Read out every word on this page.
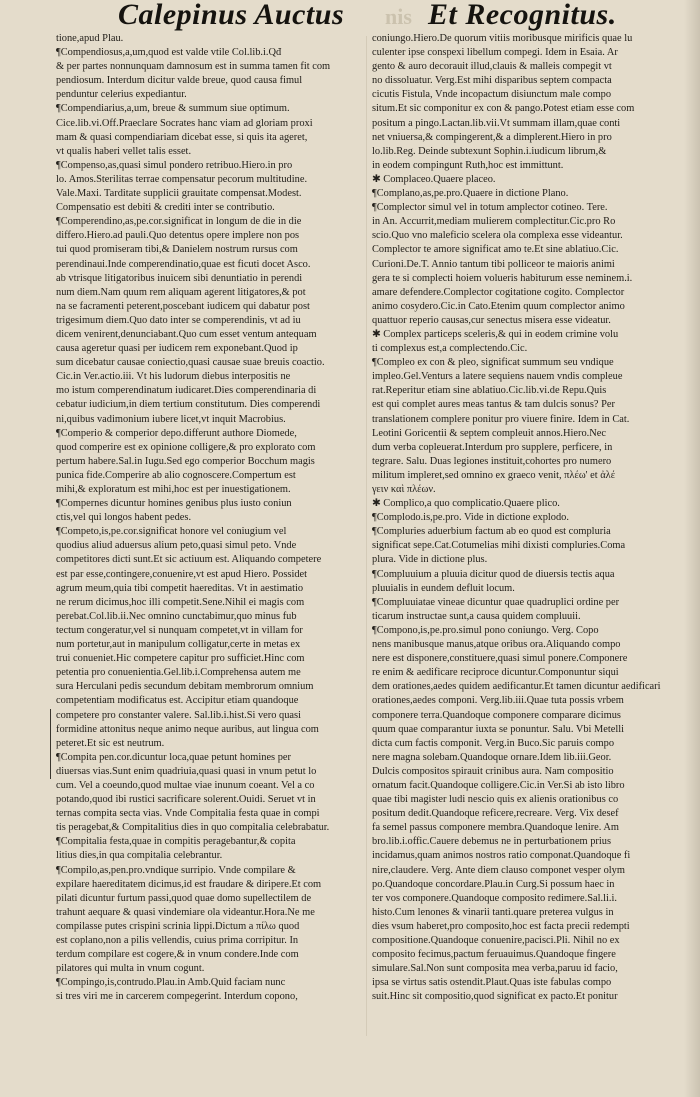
nis
Calepinus Auctus	Et Recognitus.
tione,apud Plau.
¶Compendiosus,a,um,quod est valde vtile Col.lib.i.Qđ
& per partes nonnunquam damnosum est in summa tamen fit com
pendiosum. Interdum dicitur valde breue, quod causa fimul
penduntur celerius expediantur.
¶Compendiarius,a,um, breue & summum siue optimum.
Cice.lib.vi.Off.Praeclare Socrates hanc viam ad gloriam proxi
mam & quasi compendiariam dicebat esse, si quis ita ageret,
vt qualis haberi vellet talis esset.
¶Compenso,as,quasi simul pondero retribuo.Hiero.in pro
lo. Amos.Sterilitas terrae compensatur pecorum multitudine.
Vale.Maxi. Tarditate supplicii grauitate compensat.Modest.
Compensatio est debiti & crediti inter se contributio.
¶Comperendino,as,pe.cor.significat in longum de die in die
differo.Hiero.ad pauli.Quo detentus opere implere non pos
tui quod promiseram tibi,& Danielem nostrum rursus com
perendinaui.Inde comperendinatio,quae est ficuti docet Asco.
ab vtrisque litigatoribus inuicem sibi denuntiatio in perendi
num diem.Nam quum rem aliquam agerent litigatores,& pot
na se facramenti peterent,poscebant iudicem qui dabatur post
trigesimum diem.Quo dato inter se comperendinis, vt ad iu
dicem venirent,denunciabant.Quo cum esset ventum antequam
causa ageretur quasi per iudicem rem exponebant.Quod ip
sum dicebatur causae coniectio,quasi causae suae breuis coactio.
Cic.in Ver.actio.iii. Vt his ludorum diebus interpositis ne
mo istum comperendinatum iudicaret.Dies comperendinaria di
cebatur iudicium,in diem tertium constitutum. Dies comperendi
ni,quibus vadimonium iubere licet,vt inquit Macrobius.
¶Comperio & comperior depo.differunt authore Diomede,
quod comperire est ex opinione colligere,& pro explorato com
pertum habere.Sal.in Iugu.Sed ego comperior Bocchum magis
punica fide.Comperire ab alio cognoscere.Compertum est
mihi,& exploratum est mihi,hoc est per inuestigationem.
¶Compernes dicuntur homines genibus plus iusto coniun
ctis,vel qui longos habent pedes.
¶Competo,is,pe.cor.significat honore vel coniugium vel
quodius aliud aduersus alium peto,quasi simul peto. Vnde
competitores dicti sunt.Et sic actiuum est. Aliquando competere
est par esse,contingere,conuenire,vt est apud Hiero. Possidet
agrum meum,quia tibi competit haereditas. Vt in aestimatio
ne rerum dicimus,hoc illi competit.Sene.Nihil ei magis com
perebat.Col.lib.ii.Nec omnino cunctabimur,quo minus fub
tectum congeratur,vel si nunquam competet,vt in villam for
num portetur,aut in manipulum colligatur,certe in metas ex
trui conueniet.Hic competere capitur pro sufficiet.Hinc com
petentia pro conuenientia.Gel.lib.i.Comprehensa autem me
sura Herculani pedis secundum debitam membrorum omnium
competentiam modificatus est. Accipitur etiam quandoque
competere pro constanter valere. Sal.lib.i.hist.Si vero quasi
formidine attonitus neque animo neque auribus, aut lingua com
peteret.Et sic est neutrum.
¶Compita pen.cor.dicuntur loca,quae petunt homines per
diuersas vias.Sunt enim quadriuia,quasi quasi in vnum petut lo
cum. Vel a coeundo,quod multae viae inunum coeant. Vel a co
potando,quod ibi rustici sacrificare solerent.Ouidi. Seruet vt in
ternas compita secta vias. Vnde Compitalia festa quae in compi
tis peragebat,& Compitalitius dies in quo compitalia celebrabatur.
¶Compitalia festa,quae in compitis peragebantur,& copita
litius dies,in qua compitalia celebrantur.
¶Compilo,as,pen.pro.vndique surripio. Vnde compilare &
expilare haereditatem dicimus,id est fraudare & diripere.Et com
pilati dicuntur furtum passi,quod quae domo supellectilem de
trahunt aequare & quasi vindemiare ola videantur.Hora.Ne me
compilasse putes crispini scrinia lippi.Dictum a πίλω quod
est coplano,non a pilis vellendis, cuius prima corripitur. In
terdum compilare est cogere,& in vnum condere.Inde com
pilatores qui multa in vnum cogunt.
¶Compingo,is,contrudo.Plau.in Amb.Quid faciam nunc
si tres viri me in carcerem compegerint. Interdum copono,
coniungo.Hiero.De quorum vitiis moribusque mirificis quae lu
culenter ipse conspexi libellum compegi. Idem in Esaia. Ar
gento & auro decorauit illud,clauis & malleis compegit vt
no dissoluatur. Verg.Est mihi disparibus septem compacta
cicutis Fistula, Vnde incopactum disiunctum male compo
situm.Et sic componitur ex con & pango.Potest etiam esse com
positum a pingo.Lactan.lib.vii.Vt summam illam,quae conti
net vniuersa,& compingerent,& a dimplerent.Hiero in pro
lo.lib.Reg. Deinde subtexunt Sophin.i.iudicum librum,&
in eodem compingunt Ruth,hoc est immittunt.
✱ Complaceo.Quaere placeo.
¶Complano,as,pe.pro.Quaere in dictione Plano.
¶Complector simul vel in totum amplector cotineo. Tere.
in An. Accurrit,mediam mulierem complectitur.Cic.pro Ro
scio.Quo vno maleficio scelera ola complexa esse videantur.
Complector te amore significat amo te.Et sine ablatiuo.Cic.
Curioni.De.T. Annio tantum tibi polliceor te maioris animi
gera te si complecti hoiem volueris habiturum esse neminem.i.
amare defendere.Complector cogitatione cogito. Complector
animo cosydero.Cic.in Cato.Etenim quum complector animo
quattuor reperio causas,cur senectus misera esse videatur.
✱ Complex particeps sceleris,& qui in eodem crimine volu
ti complexus est,a complectendo.Cic.
¶Compleo ex con & pleo, significat summum seu vndique
impleo.Gel.Venturs a latere sequiens nauem vndis compleue
rat.Reperitur etiam sine ablatiuo.Cic.lib.vi.de Repu.Quis
est qui complet aures meas tantus & tam dulcis sonus? Per
translationem complere ponitur pro viuere finire. Idem in Cat.
Leotini Goricentii & septem compleuit annos.Hiero.Nec
dum verba copleuerat.Interdum pro supplere, perficere, in
tegrare. Salu. Duas legiones instituit,cohortes pro numero
militum impleret,sed omnino ex graeco venit, πλέω' et ἀλέ
γειν καὶ πλέων.
✱ Complico,a quo complicatio.Quaere plico.
¶Complodo.is,pe.pro. Vide in dictione explodo.
¶Compluries aduerbium factum ab eo quod est compluria
significat sepe.Cat.Cotumelias mihi dixisti compluries.Coma
plura. Vide in dictione plus.
¶Compluuium a pluuia dicitur quod de diuersis tectis aqua
pluuialis in eundem defluit locum.
¶Compluuiatae vineae dicuntur quae quadruplici ordine per
ticarum instructae sunt,a causa quidem compluuii.
¶Compono,is,pe.pro.simul pono coniungo. Verg. Copo
nens manibusque manus,atque oribus ora.Aliquando compo
nere est disponere,constituere,quasi simul ponere.Componere
re enim & aedificare reciproce dicuntur.Componuntur siqui
dem orationes,aedes quidem aedificantur.Et tamen dicuntur aedificari
orationes,aedes componi. Verg.lib.iii.Quae tuta possis vrbem
componere terra.Quandoque componere comparare dicimus
quum quae comparantur iuxta se ponuntur. Salu. Vbi Metelli
dicta cum factis componit. Verg.in Buco.Sic paruis compo
nere magna solebam.Quandoque ornare.Idem lib.iii.Geor.
Dulcis compositos spirauit crinibus aura. Nam compositio
ornatum facit.Quandoque colligere.Cic.in Ver.Si ab isto libro
quae tibi magister ludi nescio quis ex alienis orationibus co
positum dedit.Quandoque reficere,recreare. Verg. Vix desef
fa semel passus componere membra.Quandoque lenire. Am
bro.lib.i.offic.Cauere debemus ne in perturbationem prius
incidamus,quam animos nostros ratio componat.Quandoque fi
nire,claudere. Verg. Ante diem clauso componet vesper olym
po.Quandoque concordare.Plau.in Curg.Si possum haec in
ter vos componere.Quandoque composito redimere.Sal.li.i.
histo.Cum lenones & vinarii tanti.quare preterea vulgus in
dies vsum haberet,pro composito,hoc est facta precii redempti
compositione.Quandoque conuenire,pacisci.Pli. Nihil no ex
composito fecimus,pactum feruauimus.Quandoque fingere
simulare.Sal.Non sunt composita mea verba,paruu id facio,
ipsa se virtus satis ostendit.Plaut.Quas iste fabulas compo
suit.Hinc sit compositio,quod significat ex pacto.Et ponitur
